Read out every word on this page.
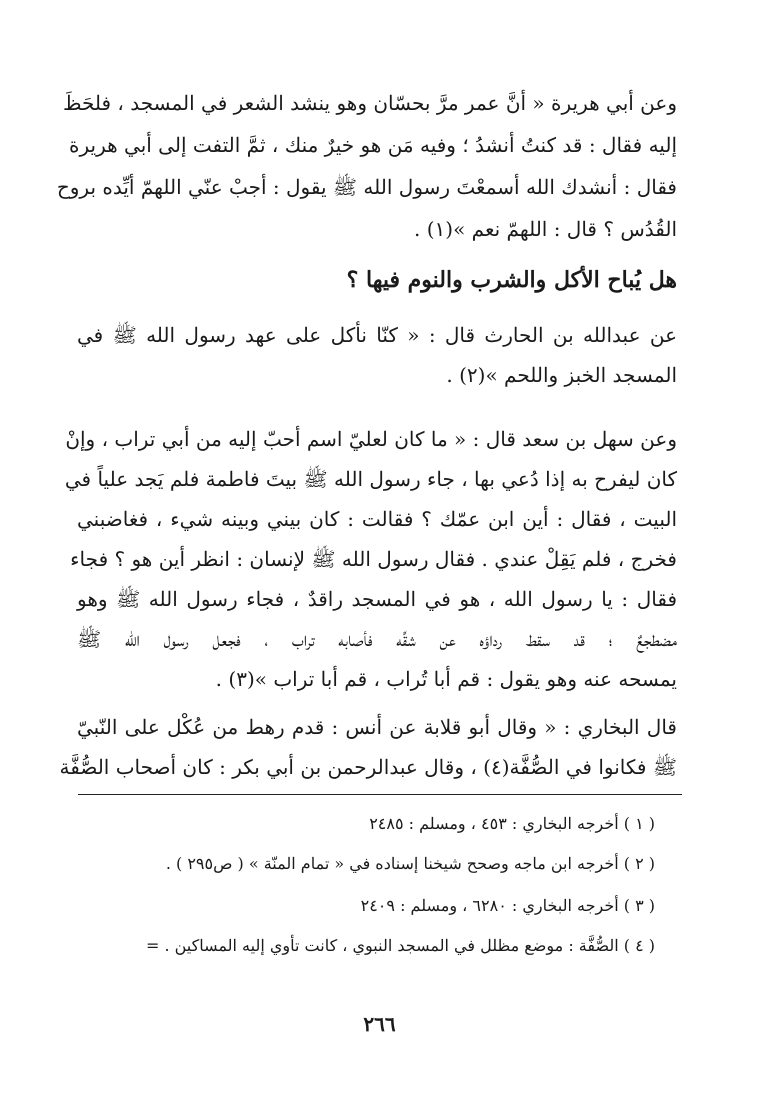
وعن أبي هريرة « أنَّ عمر مرَّ بحسّان وهو ينشد الشعر في المسجد ، فلحَظَ
إليه فقال : قد كنتُ أنشدُ ؛ وفيه مَن هو خيرٌ منك ، ثمَّ التفت إلى أبي هريرة
فقال : أنشدك الله أسمعْتَ رسول الله ﷺ يقول : أجبْ عنّي اللهمّ أيِّده بروح
القُدُس ؟ قال : اللهمّ نعم »(١) .
هل يُباح الأكل والشرب والنوم فيها ؟
عن عبدالله بن الحارث قال : « كنّا نأكل على عهد رسول الله ﷺ في
المسجد الخبز واللحم »(٢) .
وعن سهل بن سعد قال : « ما كان لعليّ اسم أحبّ إليه من أبي تراب ، وإنْ
كان ليفرح به إذا دُعي بها ، جاء رسول الله ﷺ بيتَ فاطمة فلم يَجد علياً في
البيت ، فقال : أين ابن عمّك ؟ فقالت : كان بيني وبينه شيء ، فغاضبني
فخرج ، فلم يَقِلْ عندي . فقال رسول الله ﷺ لإنسان : انظر أين هو ؟ فجاء
فقال : يا رسول الله ، هو في المسجد راقدٌ ، فجاء رسول الله ﷺ وهو
مضطجعٌ ؛ قد سقط رداؤه عن شقِّه فأصابه تراب ، فجعل رسول الله ﷺ
يمسحه عنه وهو يقول : قم أبا تُراب ، قم أبا تراب »(٣) .
قال البخاري : « وقال أبو قلابة عن أنس : قدم رهط من عُكْل على النّبيّ
ﷺ فكانوا في الصُّفَّة(٤) ، وقال عبدالرحمن بن أبي بكر : كان أصحاب الصُّفَّة
( ١ ) أخرجه البخاري : ٤٥٣ ، ومسلم : ٢٤٨٥
( ٢ ) أخرجه ابن ماجه وصحح شيخنا إسناده في « تمام المنّة » ( ص٢٩٥ ) .
( ٣ ) أخرجه البخاري : ٦٢٨٠ ، ومسلم : ٢٤٠٩
( ٤ ) الصُّفَّة : موضع مظلل في المسجد النبوي ، كانت تأوي إليه المساكين . =
٢٦٦
